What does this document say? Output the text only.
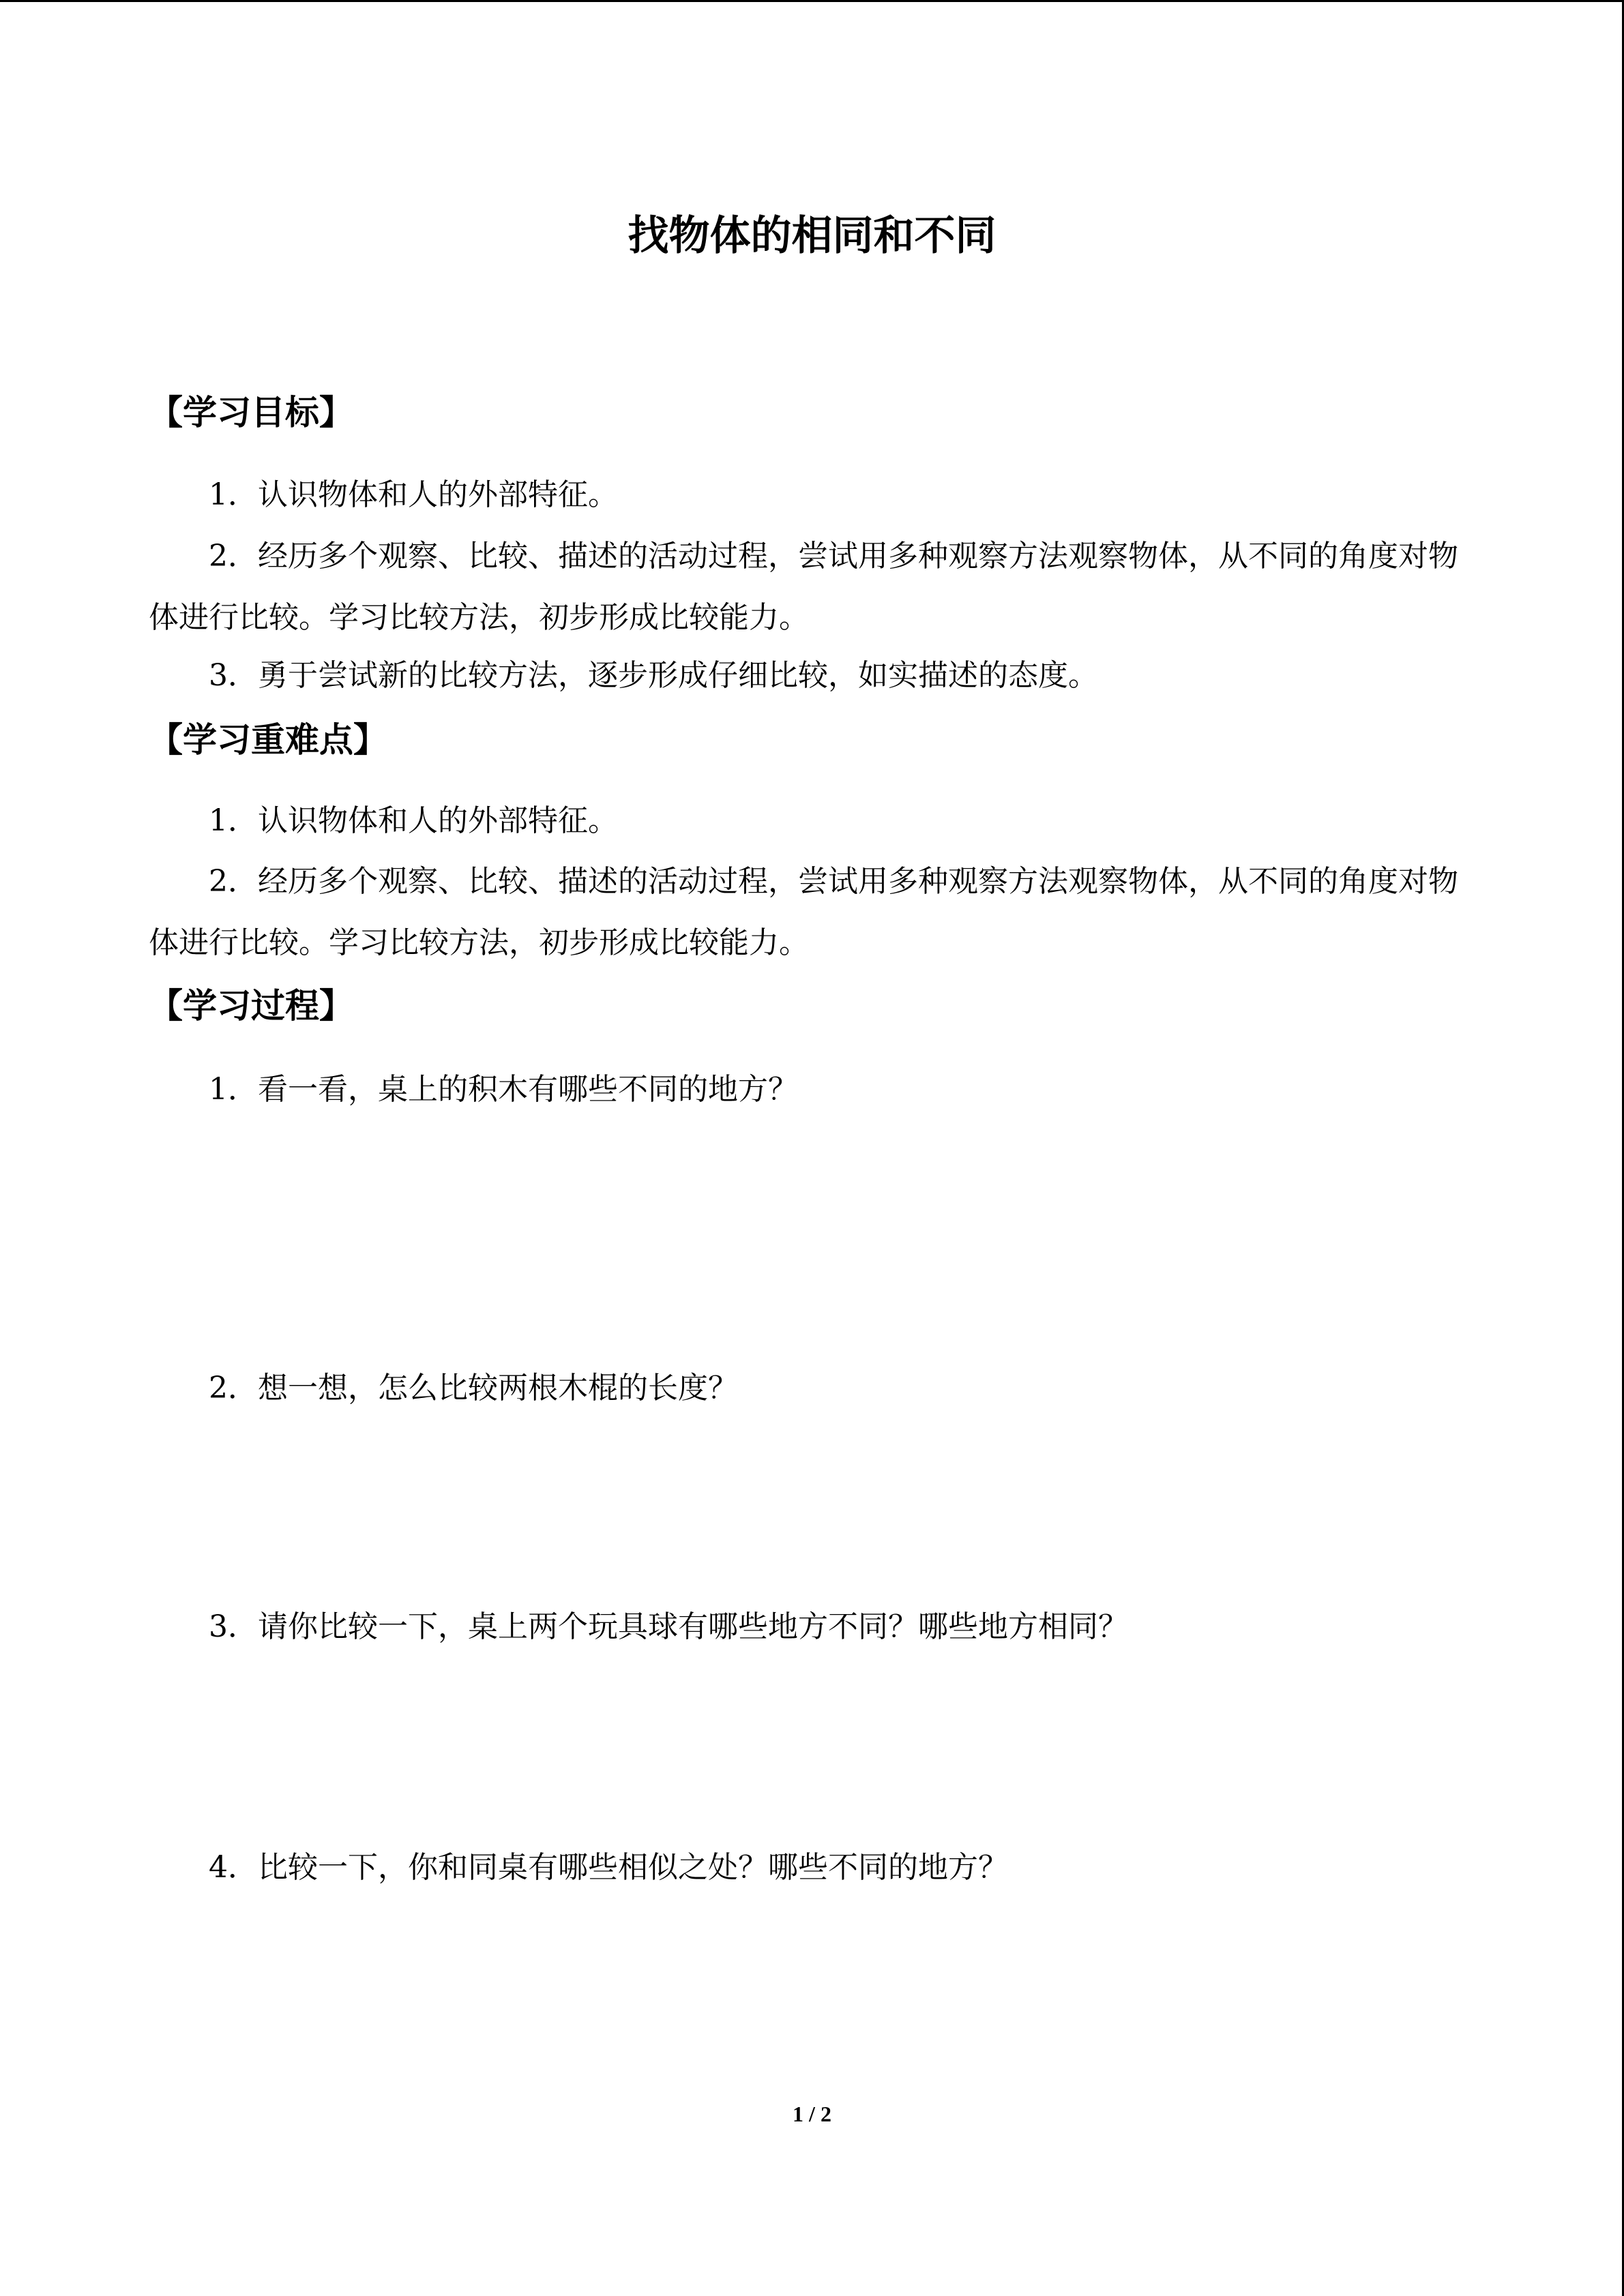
找物体的相同和不同
【学习目标】

1．认识物体和人的外部特征。

2．经历多个观察、比较、描述的活动过程，尝试用多种观察方法观察物体，从不同的角度对物体进行比较。学习比较方法，初步形成比较能力。

3．勇于尝试新的比较方法，逐步形成仔细比较，如实描述的态度。

【学习重难点】

1．认识物体和人的外部特征。

2．经历多个观察、比较、描述的活动过程，尝试用多种观察方法观察物体，从不同的角度对物体进行比较。学习比较方法，初步形成比较能力。

【学习过程】

1．看一看，桌上的积木有哪些不同的地方？

2．想一想，怎么比较两根木棍的长度？

3．请你比较一下，桌上两个玩具球有哪些地方不同？哪些地方相同？

4．比较一下，你和同桌有哪些相似之处？哪些不同的地方？

1 / 2
